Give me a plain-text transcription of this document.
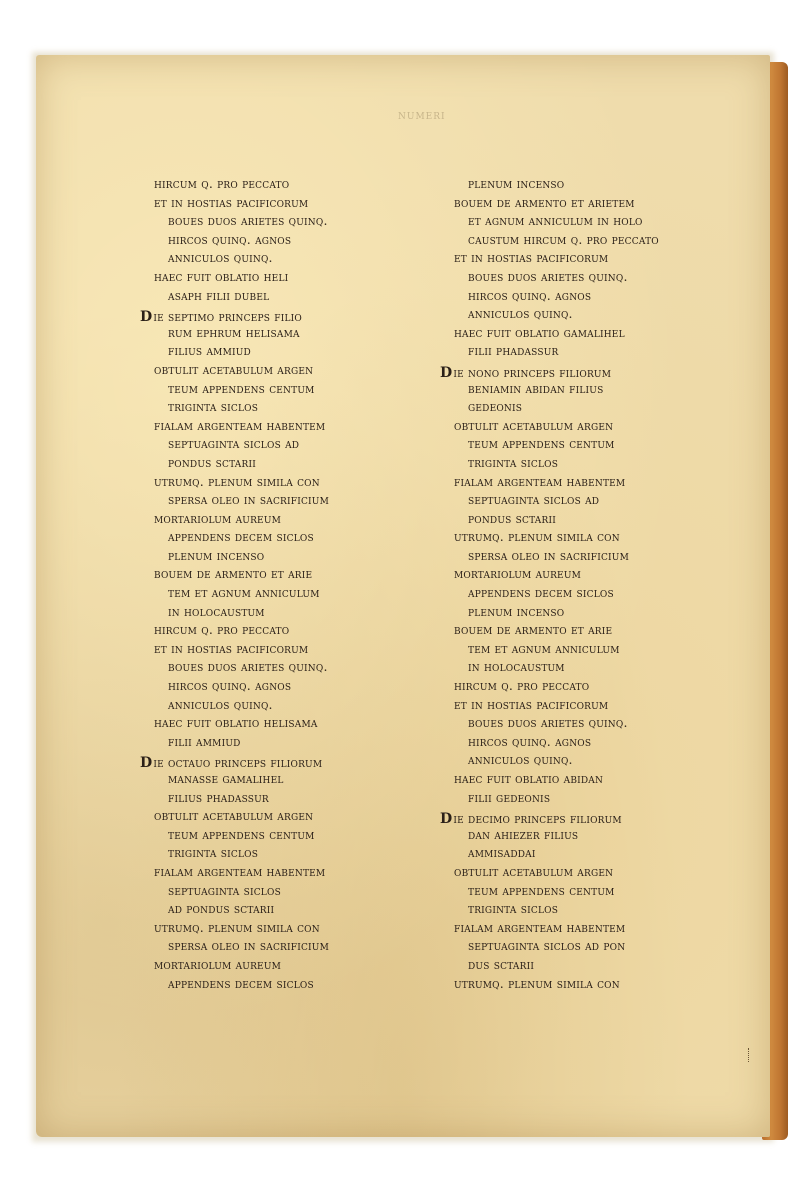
NUMERI
hircum q. pro peccato
et in hostias pacificorum
boues duos arietes quinq.
hircos quinq. agnos
anniculos quinq.
haec fuit oblatio heli
asaph filii dubel
die septimo princeps filio
rum ephrum helisama
filius ammiud
obtulit acetabulum argen
teum appendens centum
triginta siclos
fialam argenteam habentem
septuaginta siclos ad
pondus sctarii
utrumq. plenum simila con
spersa oleo in sacrificium
mortariolum aureum
appendens decem siclos
plenum incenso
bouem de armento et arie
tem et agnum anniculum
in holocaustum
hircum q. pro peccato
et in hostias pacificorum
boues duos arietes quinq.
hircos quinq. agnos
anniculos quinq.
haec fuit oblatio helisama
filii ammiud
die octauo princeps filiorum
manasse gamalihel
filius phadassur
obtulit acetabulum argen
teum appendens centum
triginta siclos
fialam argenteam habentem
septuaginta siclos
ad pondus sctarii
utrumq. plenum simila con
spersa oleo in sacrificium
mortariolum aureum
appendens decem siclos
plenum incenso
bouem de armento et arietem
et agnum anniculum in holo
caustum hircum q. pro peccato
et in hostias pacificorum
boues duos arietes quinq.
hircos quinq. agnos
anniculos quinq.
haec fuit oblatio gamalihel
filii phadassur
die nono princeps filiorum
beniamin abidan filius
gedeonis
obtulit acetabulum argen
teum appendens centum
triginta siclos
fialam argenteam habentem
septuaginta siclos ad
pondus sctarii
utrumq. plenum simila con
spersa oleo in sacrificium
mortariolum aureum
appendens decem siclos
plenum incenso
bouem de armento et arie
tem et agnum anniculum
in holocaustum
hircum q. pro peccato
et in hostias pacificorum
boues duos arietes quinq.
hircos quinq. agnos
anniculos quinq.
haec fuit oblatio abidan
filii gedeonis
die decimo princeps filiorum
dan ahiezer filius
ammisaddai
obtulit acetabulum argen
teum appendens centum
triginta siclos
fialam argenteam habentem
septuaginta siclos ad pon
dus sctarii
utrumq. plenum simila con
